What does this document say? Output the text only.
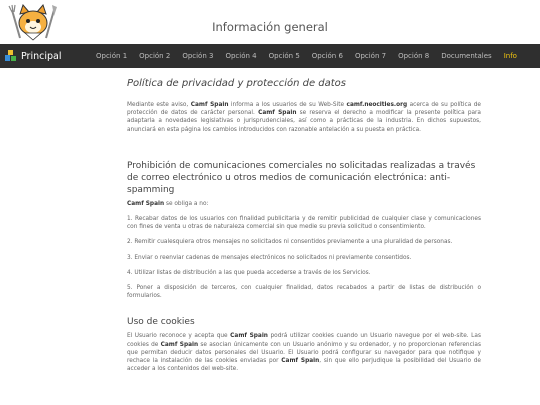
Información general
Principal	Opción 1	Opción 2	Opción 3	Opción 4	Opción 5	Opción 6	Opción 7	Opción 8	Documentales	Info
Política de privacidad y protección de datos

Mediante este aviso, Camf Spain informa a los usuarios de su Web-Site camf.neocities.org acerca de su política de protección de datos de carácter personal. Camf Spain se reserva el derecho a modificar la presente política para adaptarla a novedades legislativas o jurisprudenciales, así como a prácticas de la industria. En dichos supuestos, anunciará en esta página los cambios introducidos con razonable antelación a su puesta en práctica.

Prohibición de comunicaciones comerciales no solicitadas realizadas a través de correo electrónico u otros medios de comunicación electrónica: anti-spamming

Camf Spain se obliga a no:

1. Recabar datos de los usuarios con finalidad publicitaria y de remitir publicidad de cualquier clase y comunicaciones con fines de venta u otras de naturaleza comercial sin que medie su previa solicitud o consentimiento.

2. Remitir cualesquiera otros mensajes no solicitados ni consentidos previamente a una pluralidad de personas.

3. Enviar o reenviar cadenas de mensajes electrónicos no solicitados ni previamente consentidos.

4. Utilizar listas de distribución a las que pueda accederse a través de los Servicios.

5. Poner a disposición de terceros, con cualquier finalidad, datos recabados a partir de listas de distribución o formularios.

Uso de cookies

El Usuario reconoce y acepta que Camf Spain podrá utilizar cookies cuando un Usuario navegue por el web-site. Las cookies de Camf Spain se asocian únicamente con un Usuario anónimo y su ordenador, y no proporcionan referencias que permitan deducir datos personales del Usuario. El Usuario podrá configurar su navegador para que notifique y rechace la instalación de las cookies enviadas por Camf Spain, sin que ello perjudique la posibilidad del Usuario de acceder a los contenidos del web-site.
